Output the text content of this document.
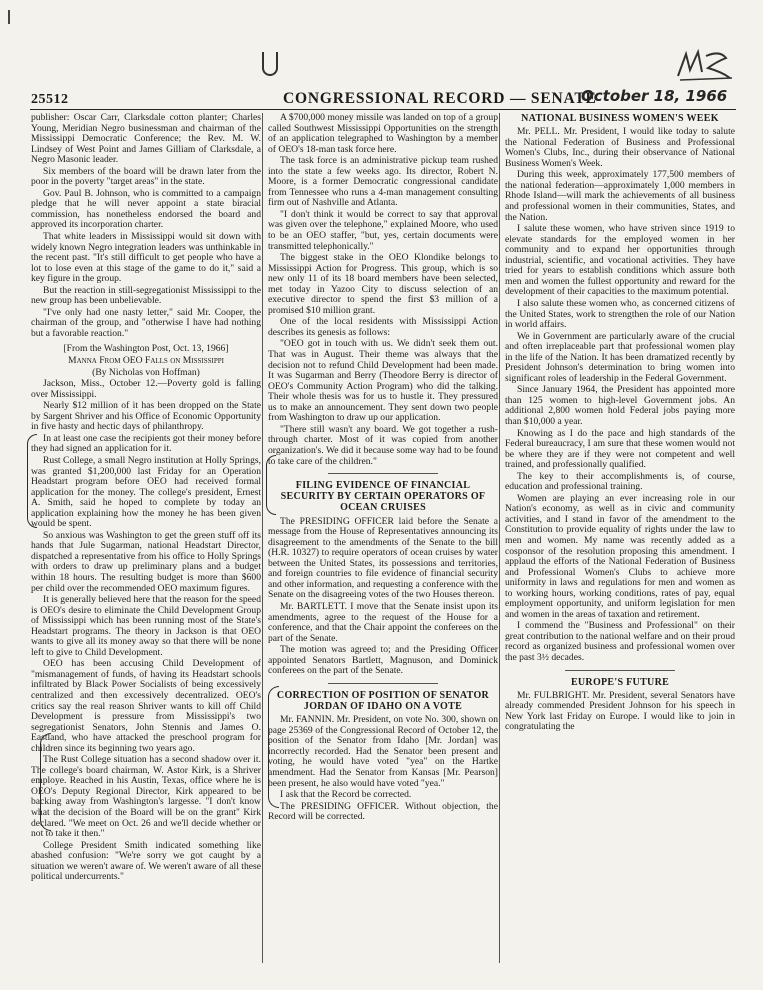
25512	CONGRESSIONAL RECORD — SENATE
October 18, 1966

publisher: Oscar Carr, Clarksdale cotton planter; Charles Young, Meridian Negro businessman and chairman of the Mississippi Democratic Conference; the Rev. M. W. Lindsey of West Point and James Gilliam of Clarksdale, a Negro Masonic leader.

Six members of the board will be drawn later from the poor in the poverty "target areas" in the state.

Gov. Paul B. Johnson, who is committed to a campaign pledge that he will never appoint a state biracial commission, has nonetheless endorsed the board and approved its incorporation charter.

That white leaders in Mississippi would sit down with widely known Negro integration leaders was unthinkable in the recent past. "It's still difficult to get people who have a lot to lose even at this stage of the game to do it," said a key figure in the group.

But the reaction in still-segregationist Mississippi to the new group has been unbelievable.

"I've only had one nasty letter," said Mr. Cooper, the chairman of the group, and "otherwise I have had nothing but a favorable reaction."

[From the Washington Post, Oct. 13, 1966]

Manna From OEO Falls on Mississippi

(By Nicholas von Hoffman)

Jackson, Miss., October 12.—Poverty gold is falling over Mississippi.

Nearly $12 million of it has been dropped on the State by Sargent Shriver and his Office of Economic Opportunity in five hasty and hectic days of philanthropy.

In at least one case the recipients got their money before they had signed an application for it.

Rust College, a small Negro institution at Holly Springs, was granted $1,200,000 last Friday for an Operation Headstart program before OEO had received formal application for the money. The college's president, Ernest A. Smith, said he hoped to complete by today an application explaining how the money he has been given would be spent.

So anxious was Washington to get the green stuff off its hands that Jule Sugarman, national Headstart Director, dispatched a representative from his office to Holly Springs with orders to draw up preliminary plans and a budget within 18 hours. The resulting budget is more than $600 per child over the recommended OEO maximum figures.

It is generally believed here that the reason for the speed is OEO's desire to eliminate the Child Development Group of Mississippi which has been running most of the State's Headstart programs. The theory in Jackson is that OEO wants to give all its money away so that there will be none left to give to Child Development.

OEO has been accusing Child Development of "mismanagement of funds, of having its Headstart schools infiltrated by Black Power Socialists of being excessively centralized and then excessively decentralized. OEO's critics say the real reason Shriver wants to kill off Child Development is pressure from Mississippi's two segregationist Senators, John Stennis and James O. Eastland, who have attacked the preschool program for children since its beginning two years ago.

The Rust College situation has a second shadow over it. The college's board chairman, W. Astor Kirk, is a Shriver employe. Reached in his Austin, Texas, office where he is OEO's Deputy Regional Director, Kirk appeared to be backing away from Washington's largesse. "I don't know what the decision of the Board will be on the grant" Kirk declared. "We meet on Oct. 26 and we'll decide whether or not to take it then."

College President Smith indicated something like abashed confusion: "We're sorry we got caught by a situation we weren't aware of. We weren't aware of all these political undercurrents."

A $700,000 money missile was landed on top of a group called Southwest Mississippi Opportunities on the strength of an application telegraphed to Washington by a member of OEO's 18-man task force here.

The task force is an administrative pickup team rushed into the state a few weeks ago. Its director, Robert N. Moore, is a former Democratic congressional candidate from Tennessee who runs a 4-man management consulting firm out of Nashville and Atlanta.

"I don't think it would be correct to say that approval was given over the telephone," explained Moore, who used to be an OEO staffer, "but, yes, certain documents were transmitted telephonically."

The biggest stake in the OEO Klondike belongs to Mississippi Action for Progress. This group, which is so new only 11 of its 18 board members have been selected, met today in Yazoo City to discuss selection of an executive director to spend the first $3 million of a promised $10 million grant.

One of the local residents with Mississippi Action describes its genesis as follows:

"OEO got in touch with us. We didn't seek them out. That was in August. Their theme was always that the decision not to refund Child Development had been made. It was Sugarman and Berry (Theodore Berry is director of OEO's Community Action Program) who did the talking. Their whole thesis was for us to hustle it. They pressured us to make an announcement. They sent down two people from Washington to draw up our application.

"There still wasn't any board. We got together a rush-through charter. Most of it was copied from another organization's. We did it because some way had to be found to take care of the children."

FILING EVIDENCE OF FINANCIAL SECURITY BY CERTAIN OPERATORS OF OCEAN CRUISES

The PRESIDING OFFICER laid before the Senate a message from the House of Representatives announcing its disagreement to the amendments of the Senate to the bill (H.R. 10327) to require operators of ocean cruises by water between the United States, its possessions and territories, and foreign countries to file evidence of financial security and other information, and requesting a conference with the Senate on the disagreeing votes of the two Houses thereon.

Mr. BARTLETT. I move that the Senate insist upon its amendments, agree to the request of the House for a conference, and that the Chair appoint the conferees on the part of the Senate.

The motion was agreed to; and the Presiding Officer appointed Senators Bartlett, Magnuson, and Dominick conferees on the part of the Senate.

CORRECTION OF POSITION OF SENATOR JORDAN OF IDAHO ON A VOTE

Mr. FANNIN. Mr. President, on vote No. 300, shown on page 25369 of the Congressional Record of October 12, the position of the Senator from Idaho [Mr. Jordan] was incorrectly recorded. Had the Senator been present and voting, he would have voted "yea" on the Hartke amendment. Had the Senator from Kansas [Mr. Pearson] been present, he also would have voted "yea."

I ask that the Record be corrected.

The PRESIDING OFFICER. Without objection, the Record will be corrected.

NATIONAL BUSINESS WOMEN'S WEEK

Mr. PELL. Mr. President, I would like today to salute the National Federation of Business and Professional Women's Clubs, Inc., during their observance of National Business Women's Week.

During this week, approximately 177,500 members of the national federation—approximately 1,000 members in Rhode Island—will mark the achievements of all business and professional women in their communities, States, and the Nation.

I salute these women, who have striven since 1919 to elevate standards for the employed women in her community and to expand her opportunities through industrial, scientific, and vocational activities. They have tried for years to establish conditions which assure both men and women the fullest opportunity and reward for the development of their capacities to the maximum potential.

I also salute these women who, as concerned citizens of the United States, work to strengthen the role of our Nation in world affairs.

We in Government are particularly aware of the crucial and often irreplaceable part that professional women play in the life of the Nation. It has been dramatized recently by President Johnson's determination to bring women into significant roles of leadership in the Federal Government.

Since January 1964, the President has appointed more than 125 women to high-level Government jobs. An additional 2,800 women hold Federal jobs paying more than $10,000 a year.

Knowing as I do the pace and high standards of the Federal bureaucracy, I am sure that these women would not be where they are if they were not competent and well trained, and professionally qualified.

The key to their accomplishments is, of course, education and professional training.

Women are playing an ever increasing role in our Nation's economy, as well as in civic and community activities, and I stand in favor of the amendment to the Constitution to provide equality of rights under the law to men and women. My name was recently added as a cosponsor of the resolution proposing this amendment. I applaud the efforts of the National Federation of Business and Professional Women's Clubs to achieve more uniformity in laws and regulations for men and women as to working hours, working conditions, rates of pay, equal employment opportunity, and uniform legislation for men and women in the areas of taxation and retirement.

I commend the "Business and Professional" on their great contribution to the national welfare and on their proud record as organized business and professional women over the past 3½ decades.

EUROPE'S FUTURE

Mr. FULBRIGHT. Mr. President, several Senators have already commended President Johnson for his speech in New York last Friday on Europe. I would like to join in congratulating the
